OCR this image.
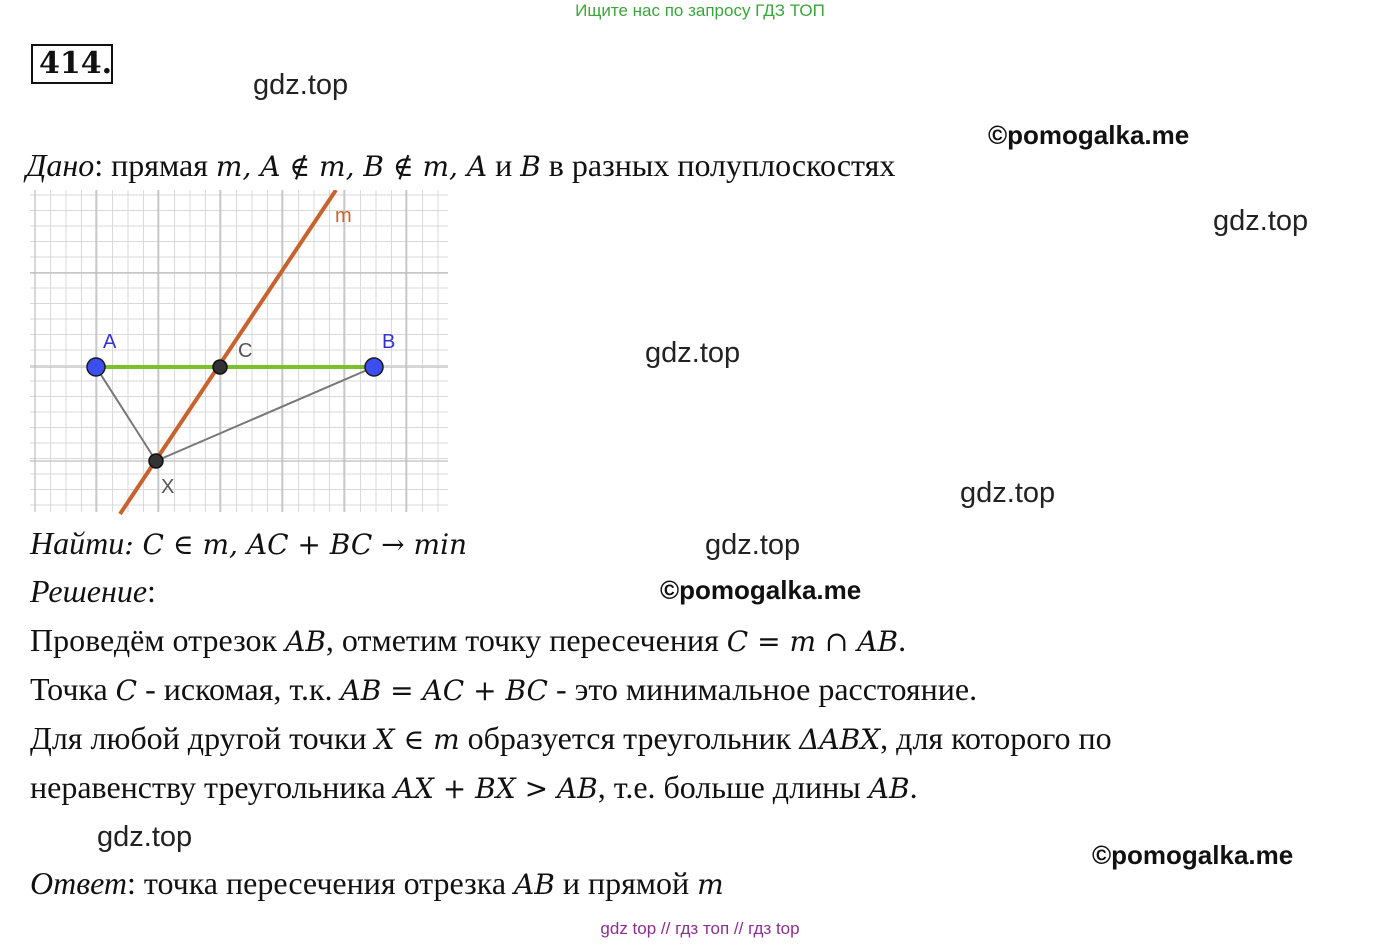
Ищите нас по запросу ГДЗ ТОП
414.
gdz.top
©pomogalka.me
gdz.top
gdz.top
gdz.top
gdz.top
©pomogalka.me
gdz.top
©pomogalka.me
Дано: прямая m, A ∉ m, B ∉ m, A и B в разных полуплоскостях
m
A	B
C
X
Найти: C ∈ m, AC + BC → min
Решение:
Проведём отрезок AB, отметим точку пересечения C = m ∩ AB.
Точка C - искомая, т.к. AB = AC + BC - это минимальное расстояние.
Для любой другой точки X ∈ m образуется треугольник ΔABX, для которого по
неравенству треугольника AX + BX > AB, т.е. больше длины AB.
Ответ: точка пересечения отрезка AB и прямой m
gdz top // гдз топ // гдз top
